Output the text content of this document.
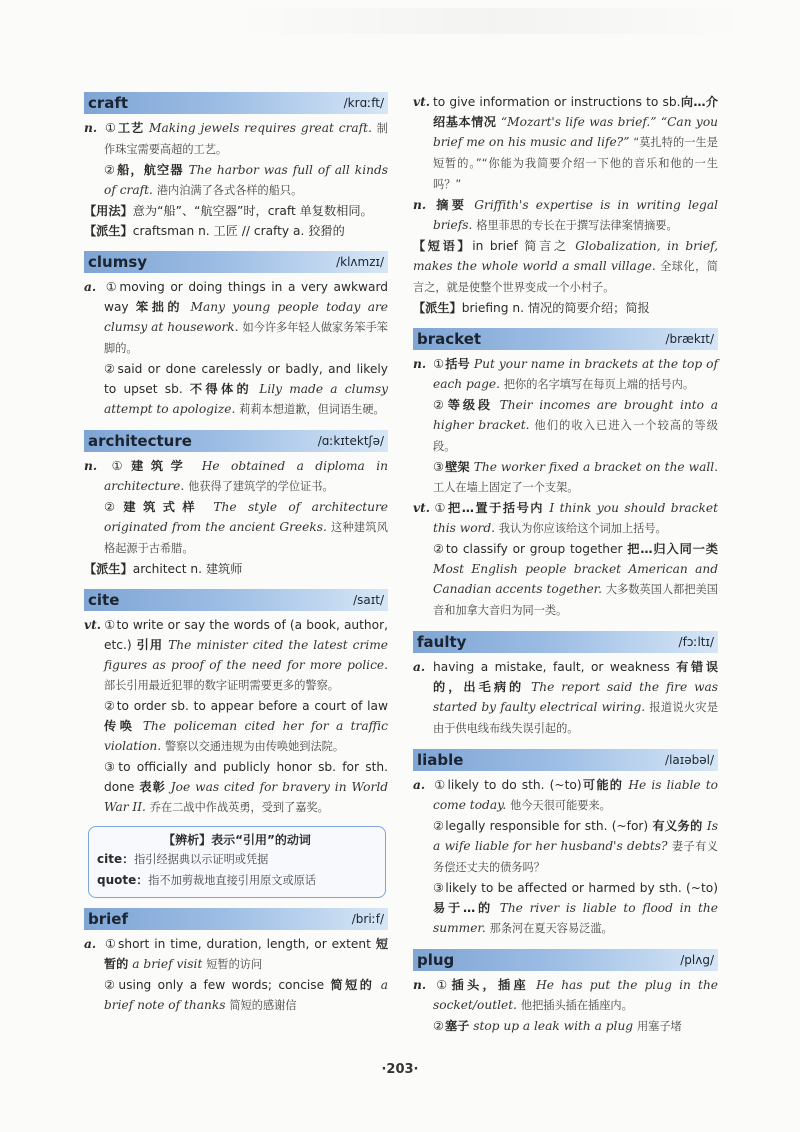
craft	/krɑːft/

n. ①工艺 Making jewels requires great craft. 制作珠宝需要高超的工艺。

②船，航空器 The harbor was full of all kinds of craft. 港内泊满了各式各样的船只。

【用法】意为“船”、“航空器”时，craft 单复数相同。

【派生】craftsman n. 工匠 // crafty a. 狡猾的

clumsy	/klʌmzɪ/

a. ①moving or doing things in a very awkward way 笨拙的 Many young people today are clumsy at housework. 如今许多年轻人做家务笨手笨脚的。

②said or done carelessly or badly, and likely to upset sb. 不得体的 Lily made a clumsy attempt to apologize. 莉莉本想道歉，但词语生硬。

architecture	/ɑːkɪtektʃə/

n. ①建筑学 He obtained a diploma in architecture. 他获得了建筑学的学位证书。

②建筑式样 The style of architecture originated from the ancient Greeks. 这种建筑风格起源于古希腊。

【派生】architect n. 建筑师

cite	/saɪt/

vt. ①to write or say the words of (a book, author, etc.) 引用 The minister cited the latest crime figures as proof of the need for more police. 部长引用最近犯罪的数字证明需要更多的警察。

②to order sb. to appear before a court of law 传唤 The policeman cited her for a traffic violation. 警察以交通违规为由传唤她到法院。

③to officially and publicly honor sb. for sth. done 表彰 Joe was cited for bravery in World War II. 乔在二战中作战英勇，受到了嘉奖。

【辨析】表示“引用”的动词
cite：指引经据典以示证明或凭据
quote：指不加剪裁地直接引用原文或原话
brief	/briːf/

a. ①short in time, duration, length, or extent 短暂的 a brief visit 短暂的访问

②using only a few words; concise 简短的 a brief note of thanks 简短的感谢信

vt. to give information or instructions to sb.向…介绍基本情况 “Mozart's life was brief.” “Can you brief me on his music and life?” “莫扎特的一生是短暂的。”“你能为我简要介绍一下他的音乐和他的一生吗？”

n. 摘要 Griffith's expertise is in writing legal briefs. 格里菲思的专长在于撰写法律案情摘要。

【短语】in brief 简言之 Globalization, in brief, makes the whole world a small village. 全球化，简言之，就是使整个世界变成一个小村子。

【派生】briefing n. 情况的简要介绍；简报

bracket	/brækɪt/

n. ①括号 Put your name in brackets at the top of each page. 把你的名字填写在每页上端的括号内。

②等级段 Their incomes are brought into a higher bracket. 他们的收入已进入一个较高的等级段。

③壁架 The worker fixed a bracket on the wall. 工人在墙上固定了一个支架。

vt. ①把…置于括号内 I think you should bracket this word. 我认为你应该给这个词加上括号。

②to classify or group together 把…归入同一类 Most English people bracket American and Canadian accents together. 大多数英国人都把美国音和加拿大音归为同一类。

faulty	/fɔːltɪ/

a. having a mistake, fault, or weakness 有错误的，出毛病的 The report said the fire was started by faulty electrical wiring. 报道说火灾是由于供电线布线失误引起的。

liable	/laɪəbəl/

a. ①likely to do sth. (~to)可能的 He is liable to come today. 他今天很可能要来。

②legally responsible for sth. (~for) 有义务的 Is a wife liable for her husband's debts? 妻子有义务偿还丈夫的债务吗？

③likely to be affected or harmed by sth. (~to) 易于…的 The river is liable to flood in the summer. 那条河在夏天容易泛滥。

plug	/plʌg/

n. ①插头，插座 He has put the plug in the socket/outlet. 他把插头插在插座内。

②塞子 stop up a leak with a plug 用塞子堵

·203·
